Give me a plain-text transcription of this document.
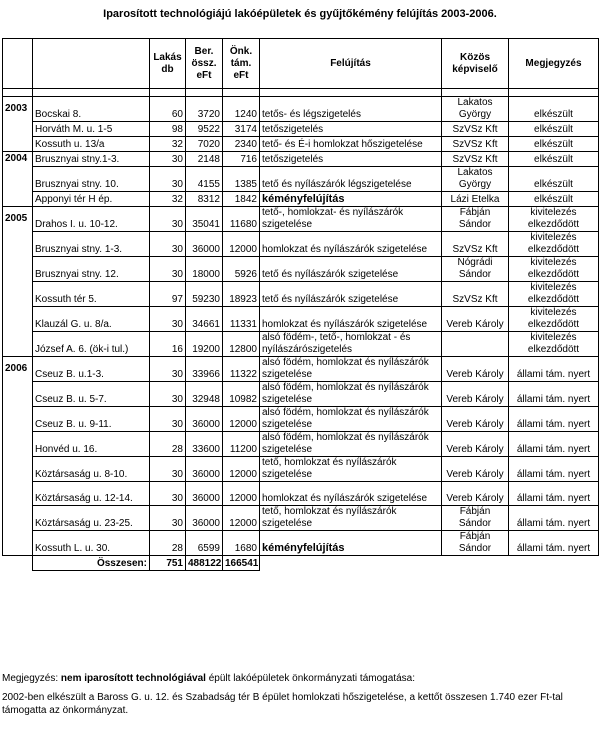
Iparosított technológiájú lakóépületek és gyűjtőkémény felújítás 2003-2006.
		Lakás db	Ber. össz. eFt	Önk. tám. eFt	Felújítás	Közös képviselő	Megjegyzés

2003	Bocskai 8.	60	3720	1240	tetős- és légszigetelés	Lakatos György	elkészült
	Horváth M. u. 1-5	98	9522	3174	tetőszigetelés	SzVSz Kft	elkészült
	Kossuth u. 13/a	32	7020	2340	tető- és É-i homlokzat hőszigetelése	SzVSz Kft	elkészült
2004	Brusznyai stny.1-3.	30	2148	716	tetőszigetelés	SzVSz Kft	elkészült
	Brusznyai stny. 10.	30	4155	1385	tető és nyílászárók légszigetelése	Lakatos György	elkészült
	Apponyi tér H ép.	32	8312	1842	kéményfelújítás	Lázi Etelka	elkészült
2005	Drahos I. u. 10-12.	30	35041	11680	tető-, homlokzat- és nyílászárók szigetelése	Fábján Sándor	kivitelezés elkezdődött
	Brusznyai stny. 1-3.	30	36000	12000	homlokzat és nyílászárók szigetelése	SzVSz Kft	kivitelezés elkezdődött
	Brusznyai stny. 12.	30	18000	5926	tető és nyílászárók szigetelése	Nógrádi Sándor	kivitelezés elkezdődött
	Kossuth tér 5.	97	59230	18923	tető és nyílászárók szigetelése	SzVSz Kft	kivitelezés elkezdődött
	Klauzál G. u. 8/a.	30	34661	11331	homlokzat és nyílászárók szigetelése	Vereb Károly	kivitelezés elkezdődött
	József A. 6. (ök-i tul.)	16	19200	12800	alsó födém-, tető-, homlokzat - és nyílászárószigetelés		kivitelezés elkezdődött
2006	Cseuz B. u.1-3.	30	33966	11322	alsó födém, homlokzat és nyílászárók szigetelése	Vereb Károly	állami tám. nyert
	Cseuz B. u. 5-7.	30	32948	10982	alsó födém, homlokzat és nyílászárók szigetelése	Vereb Károly	állami tám. nyert
	Cseuz B. u. 9-11.	30	36000	12000	alsó födém, homlokzat és nyílászárók szigetelése	Vereb Károly	állami tám. nyert
	Honvéd u. 16.	28	33600	11200	alsó födém, homlokzat és nyílászárók szigetelése	Vereb Károly	állami tám. nyert
	Köztársaság u. 8-10.	30	36000	12000	tető, homlokzat és nyílászárók szigetelése	Vereb Károly	állami tám. nyert
	Köztársaság u. 12-14.	30	36000	12000	homlokzat és nyílászárók szigetelése	Vereb Károly	állami tám. nyert
	Köztársaság u. 23-25.	30	36000	12000	tető, homlokzat és nyílászárók szigetelése	Fábján Sándor	állami tám. nyert
	Kossuth L. u. 30.	28	6599	1680	kéményfelújítás	Fábján Sándor	állami tám. nyert
	Összesen:	751	488122	166541			

Megjegyzés: nem iparosított technológiával épült lakóépületek önkormányzati támogatása:

2002-ben elkészült a Baross G. u. 12. és Szabadság tér B épület homlokzati hőszigetelése, a kettőt összesen 1.740 ezer Ft-tal támogatta az önkormányzat.
